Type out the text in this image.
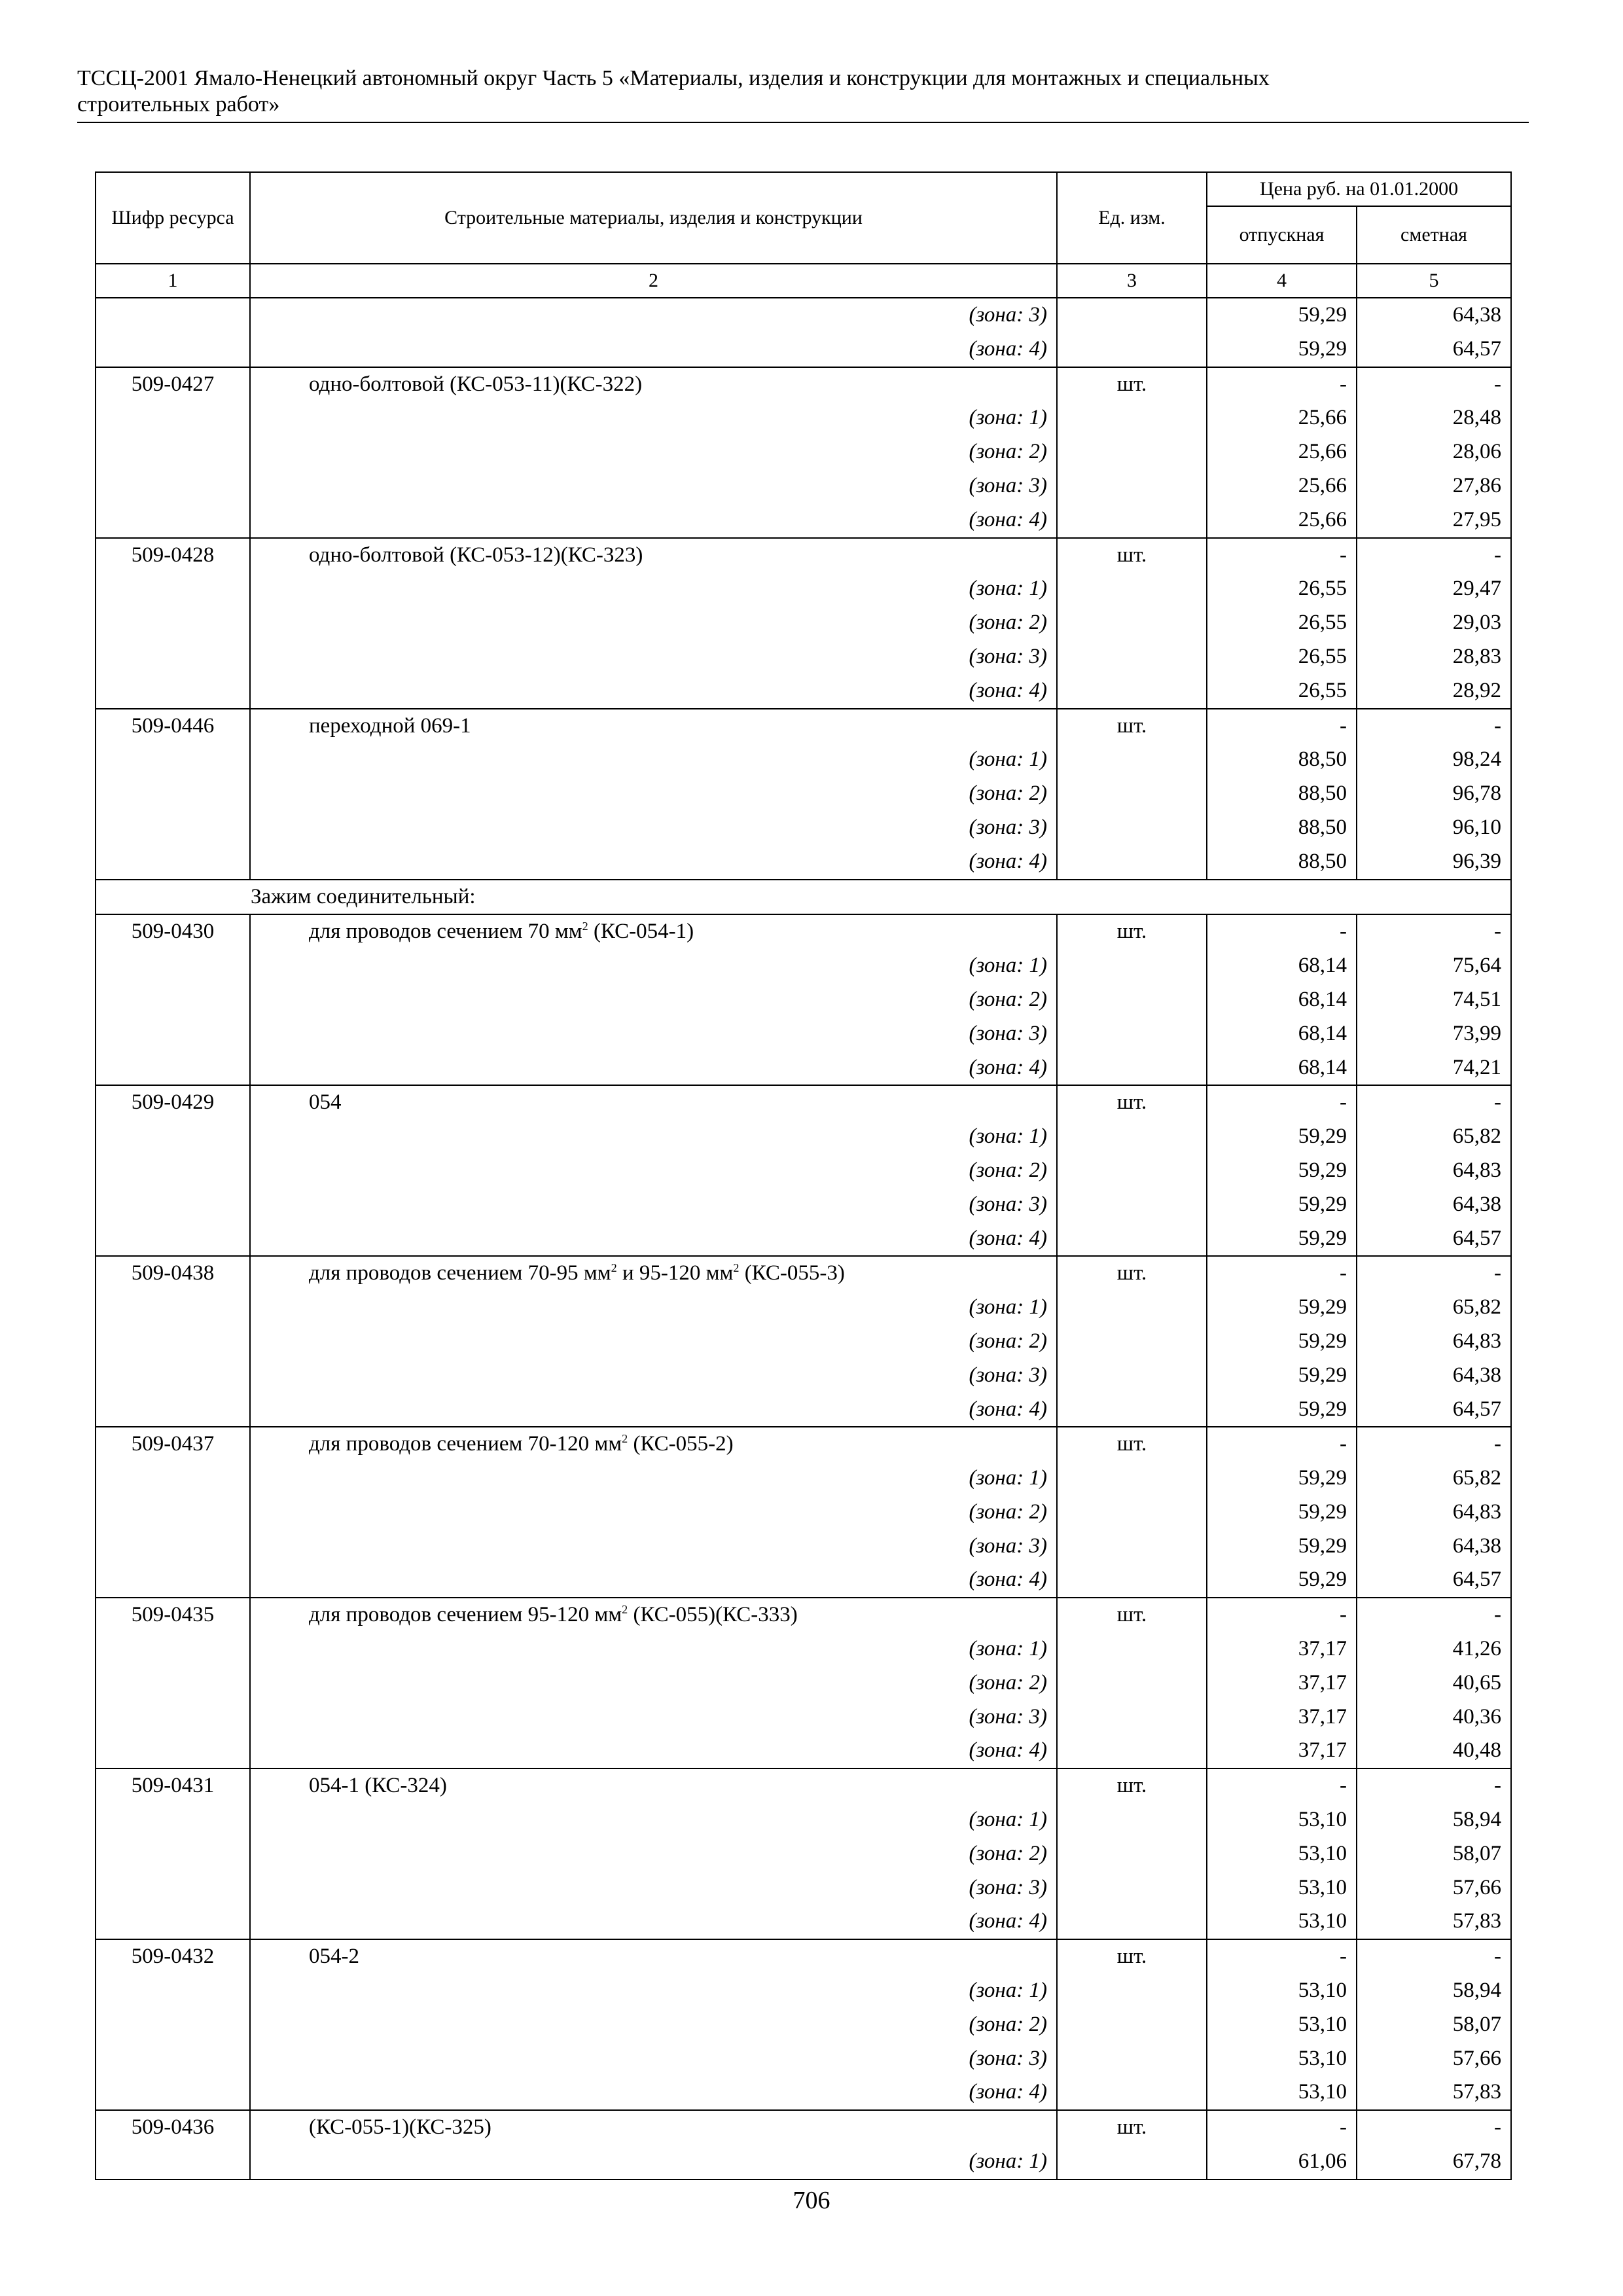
ТССЦ-2001 Ямало-Ненецкий автономный округ Часть 5 «Материалы, изделия и конструкции для монтажных и специальных
строительных работ»
Шифр ресурса	Строительные материалы, изделия и конструкции	Ед. изм.	Цена руб. на 01.01.2000	
			отпускная	сметная
1	2	3	4	5
	(зона: 3)		59,29	64,38
	(зона: 4)		59,29	64,57
509-0427	одно-болтовой (КС-053-11)(КС-322)	шт.	-	-
	(зона: 1)		25,66	28,48
	(зона: 2)		25,66	28,06
	(зона: 3)		25,66	27,86
	(зона: 4)		25,66	27,95
509-0428	одно-болтовой (КС-053-12)(КС-323)	шт.	-	-
	(зона: 1)		26,55	29,47
	(зона: 2)		26,55	29,03
	(зона: 3)		26,55	28,83
	(зона: 4)		26,55	28,92
509-0446	переходной 069-1	шт.	-	-
	(зона: 1)		88,50	98,24
	(зона: 2)		88,50	96,78
	(зона: 3)		88,50	96,10
	(зона: 4)		88,50	96,39
Зажим соединительный:				
509-0430	для проводов сечением 70 $мм^2$ (КС-054-1)	шт.	-	-
	(зона: 1)		68,14	75,64
	(зона: 2)		68,14	74,51
	(зона: 3)		68,14	73,99
	(зона: 4)		68,14	74,21
509-0429	054	шт.	-	-
	(зона: 1)		59,29	65,82
	(зона: 2)		59,29	64,83
	(зона: 3)		59,29	64,38
	(зона: 4)		59,29	64,57
509-0438	для проводов сечением 70-95 $мм^2$ и 95-120 $мм^2$ (КС-055-3)	шт.	-	-
	(зона: 1)		59,29	65,82
	(зона: 2)		59,29	64,83
	(зона: 3)		59,29	64,38
	(зона: 4)		59,29	64,57
509-0437	для проводов сечением 70-120 $мм^2$ (КС-055-2)	шт.	-	-
	(зона: 1)		59,29	65,82
	(зона: 2)		59,29	64,83
	(зона: 3)		59,29	64,38
	(зона: 4)		59,29	64,57
509-0435	для проводов сечением 95-120 $мм^2$ (КС-055)(КС-333)	шт.	-	-
	(зона: 1)		37,17	41,26
	(зона: 2)		37,17	40,65
	(зона: 3)		37,17	40,36
	(зона: 4)		37,17	40,48
509-0431	054-1 (КС-324)	шт.	-	-
	(зона: 1)		53,10	58,94
	(зона: 2)		53,10	58,07
	(зона: 3)		53,10	57,66
	(зона: 4)		53,10	57,83
509-0432	054-2	шт.	-	-
	(зона: 1)		53,10	58,94
	(зона: 2)		53,10	58,07
	(зона: 3)		53,10	57,66
	(зона: 4)		53,10	57,83
509-0436	(КС-055-1)(КС-325)	шт.	-	-
	(зона: 1)		61,06	67,78
706
